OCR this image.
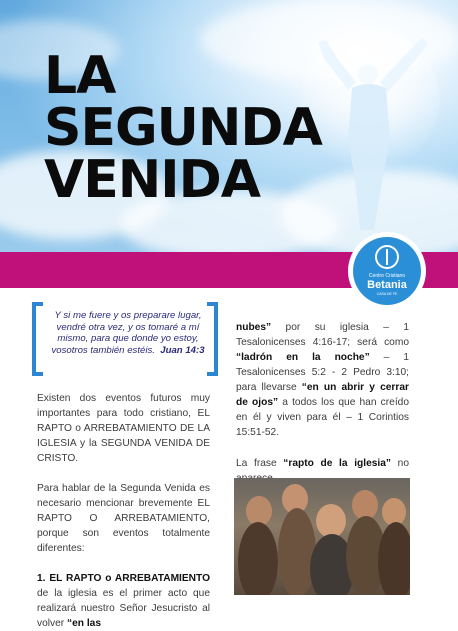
LA
SEGUNDA
VENIDA
Centro Cristiano
Betania
CASA DE FE
Y si me fuere y os preparare lugar, vendré otra vez, y os tomaré a mí mismo, para que donde yo estoy, vosotros también estéis. Juan 14:3

Existen dos eventos futuros muy importantes para todo cristiano, EL RAPTO o ARREBATAMIENTO DE LA IGLESIA y la SEGUNDA VENIDA DE CRISTO.

Para hablar de la Segunda Venida es necesario mencionar brevemente EL RAPTO O ARREBATAMIENTO, porque son eventos totalmente diferentes:

1. EL RAPTO o ARREBATAMIENTO de la iglesia es el primer acto que realizará nuestro Señor Jesucristo al volver “en las

nubes” por su iglesia – 1 Tesalonicenses 4:16-17; será como “ladrón en la noche” – 1 Tesalonicenses 5:2 - 2 Pedro 3:10; para llevarse “en un abrir y cerrar de ojos” a todos los que han creído en él y viven para él – 1 Corintios 15:51-52.

La frase “rapto de la iglesia” no
